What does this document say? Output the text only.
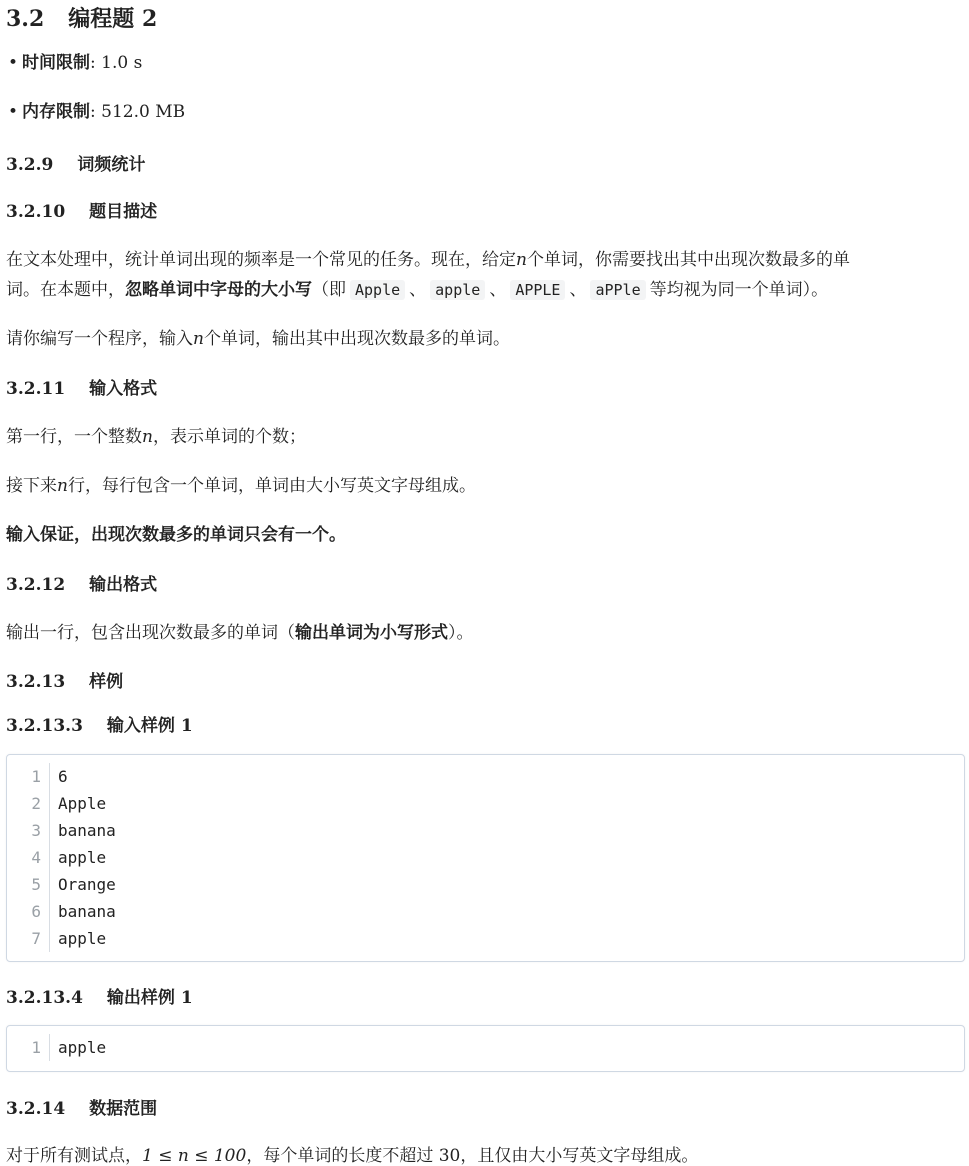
3.2 编程题 2
• 时间限制: 1.0 s
• 内存限制: 512.0 MB
3.2.9 词频统计
3.2.10 题目描述

在文本处理中，统计单词出现的频率是一个常见的任务。现在，给定n个单词，你需要找出其中出现次数最多的单

词。在本题中，忽略单词中字母的大小写（即 Apple 、 apple 、 APPLE 、 aPPle 等均视为同一个单词）。

请你编写一个程序，输入n个单词，输出其中出现次数最多的单词。

3.2.11 输入格式

第一行，一个整数n，表示单词的个数；

接下来n行，每行包含一个单词，单词由大小写英文字母组成。

输入保证，出现次数最多的单词只会有一个。

3.2.12 输出格式

输出一行，包含出现次数最多的单词（输出单词为小写形式）。

3.2.13 样例
3.2.13.3 输入样例 1
1	6
2	Apple
3	banana
4	apple
5	Orange
6	banana
7	apple
3.2.13.4 输出样例 1
1	apple
3.2.14 数据范围

对于所有测试点，1 ≤ n ≤ 100，每个单词的长度不超过 30，且仅由大小写英文字母组成。
